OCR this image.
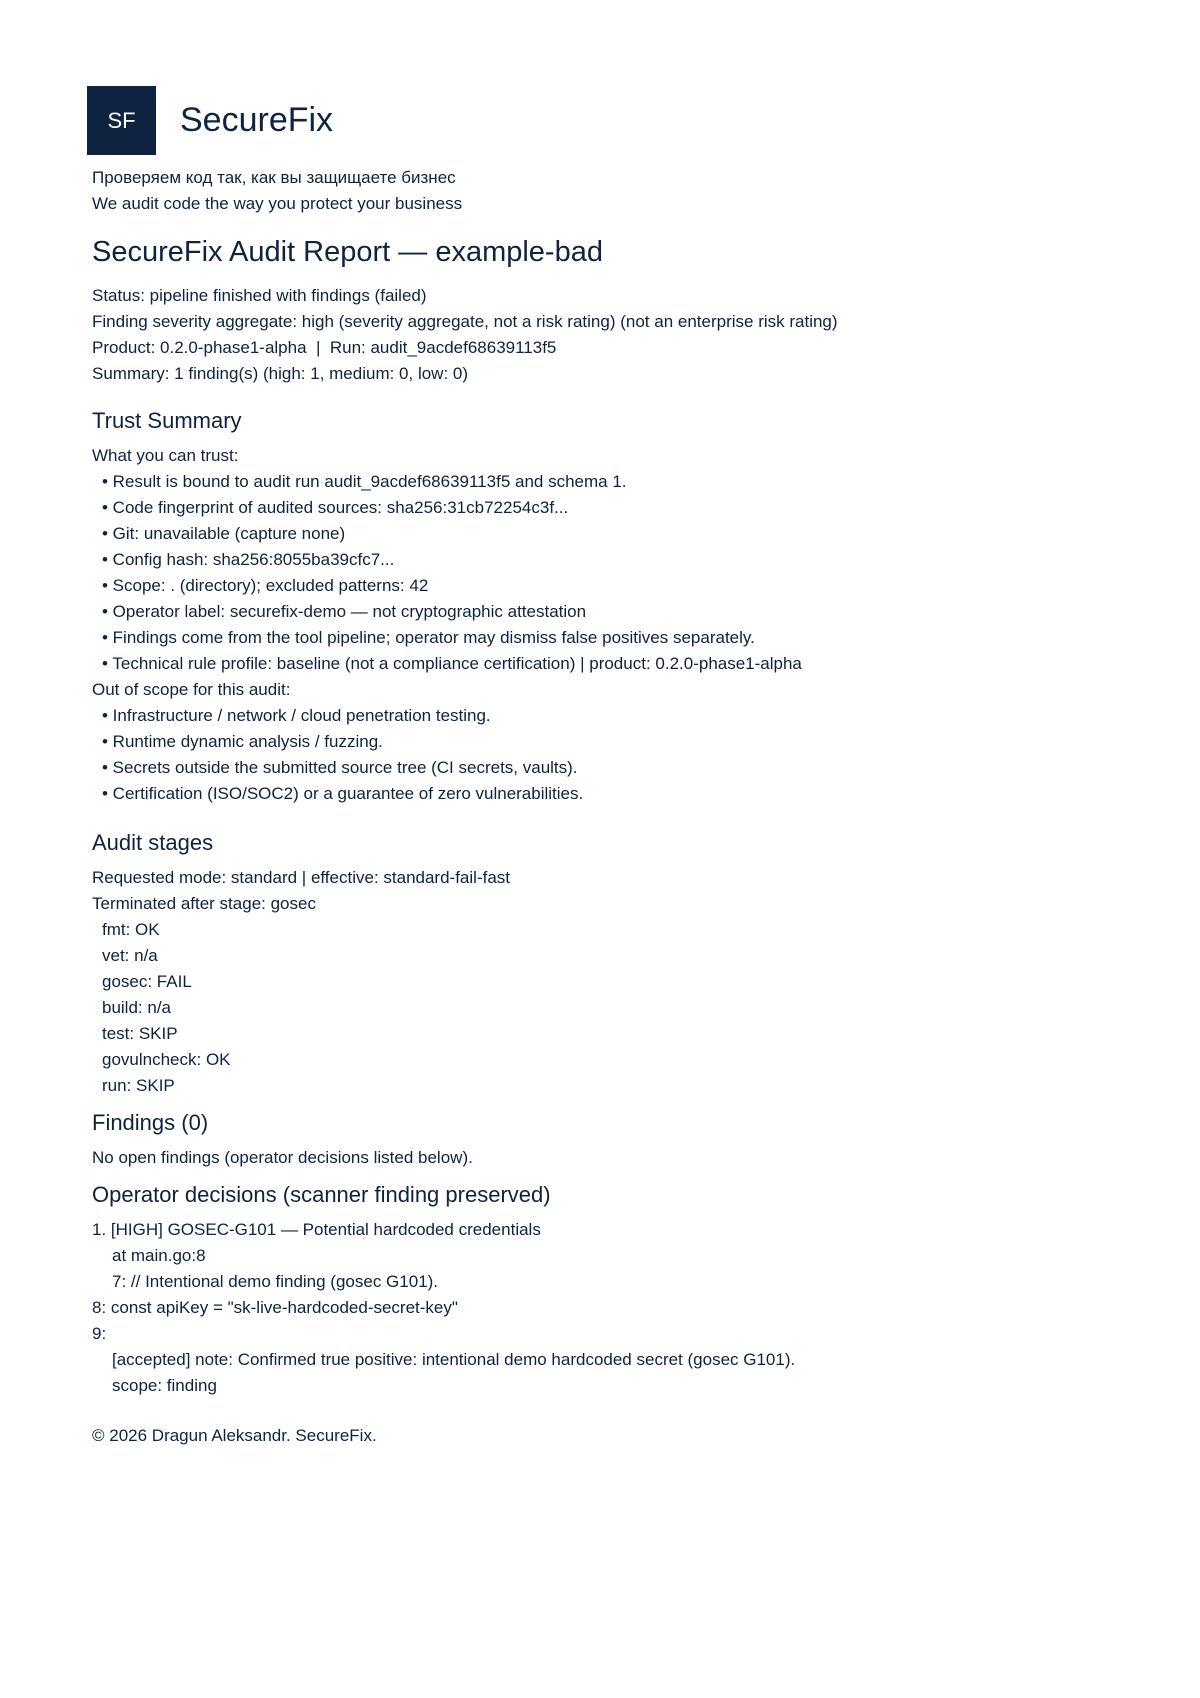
SF	SecureFix
Проверяем код так, как вы защищаете бизнес
We audit code the way you protect your business
SecureFix Audit Report — example-bad
Status: pipeline finished with findings (failed)
Finding severity aggregate: high (severity aggregate, not a risk rating) (not an enterprise risk rating)
Product: 0.2.0-phase1-alpha  |  Run: audit_9acdef68639113f5
Summary: 1 finding(s) (high: 1, medium: 0, low: 0)
Trust Summary
What you can trust:
• Result is bound to audit run audit_9acdef68639113f5 and schema 1.
• Code fingerprint of audited sources: sha256:31cb72254c3f...
• Git: unavailable (capture none)
• Config hash: sha256:8055ba39cfc7...
• Scope: . (directory); excluded patterns: 42
• Operator label: securefix-demo — not cryptographic attestation
• Findings come from the tool pipeline; operator may dismiss false positives separately.
• Technical rule profile: baseline (not a compliance certification) | product: 0.2.0-phase1-alpha
Out of scope for this audit:
• Infrastructure / network / cloud penetration testing.
• Runtime dynamic analysis / fuzzing.
• Secrets outside the submitted source tree (CI secrets, vaults).
• Certification (ISO/SOC2) or a guarantee of zero vulnerabilities.
Audit stages
Requested mode: standard | effective: standard-fail-fast
Terminated after stage: gosec
fmt: OK
vet: n/a
gosec: FAIL
build: n/a
test: SKIP
govulncheck: OK
run: SKIP
Findings (0)
No open findings (operator decisions listed below).
Operator decisions (scanner finding preserved)
1. [HIGH] GOSEC-G101 — Potential hardcoded credentials
at main.go:8
7: // Intentional demo finding (gosec G101).
8: const apiKey = "sk-live-hardcoded-secret-key"
9:
[accepted] note: Confirmed true positive: intentional demo hardcoded secret (gosec G101).
scope: finding
© 2026 Dragun Aleksandr. SecureFix.
